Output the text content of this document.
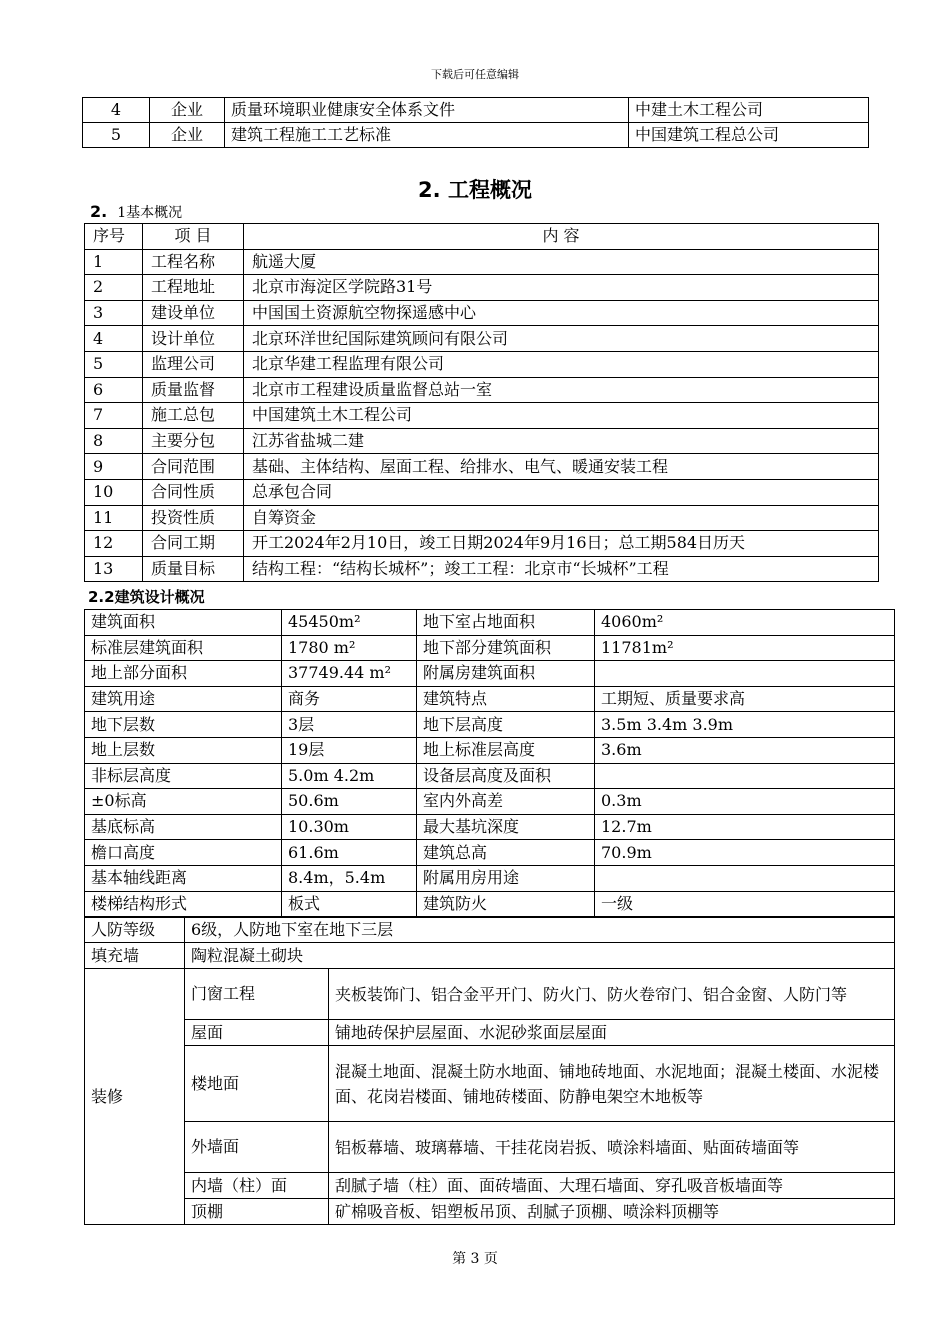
下载后可任意编辑
4	企业	质量环境职业健康安全体系文件	中建土木工程公司
5	企业	建筑工程施工工艺标准	中国建筑工程总公司
2. 工程概况
2. 1基本概况
序号	项 目	内 容
1	工程名称	航遥大厦
2	工程地址	北京市海淀区学院路31号
3	建设单位	中国国土资源航空物探遥感中心
4	设计单位	北京环洋世纪国际建筑顾问有限公司
5	监理公司	北京华建工程监理有限公司
6	质量监督	北京市工程建设质量监督总站一室
7	施工总包	中国建筑土木工程公司
8	主要分包	江苏省盐城二建
9	合同范围	基础、主体结构、屋面工程、给排水、电气、暖通安装工程
10	合同性质	总承包合同
11	投资性质	自筹资金
12	合同工期	开工2024年2月10日，竣工日期2024年9月16日；总工期584日历天
13	质量目标	结构工程：“结构长城杯”；竣工工程：北京市“长城杯”工程
2.2建筑设计概况
建筑面积	45450m²	地下室占地面积	4060m²
标准层建筑面积	1780 m²	地下部分建筑面积	11781m²
地上部分面积	37749.44 m²	附属房建筑面积	
建筑用途	商务	建筑特点	工期短、质量要求高
地下层数	3层	地下层高度	3.5m 3.4m 3.9m
地上层数	19层	地上标准层高度	3.6m
非标层高度	5.0m 4.2m	设备层高度及面积	
±0标高	50.6m	室内外高差	0.3m
基底标高	10.30m	最大基坑深度	12.7m
檐口高度	61.6m	建筑总高	70.9m
基本轴线距离	8.4m，5.4m	附属用房用途	
楼梯结构形式	板式	建筑防火	一级
人防等级	6级，人防地下室在地下三层	
填充墙	陶粒混凝土砌块	
装修	门窗工程	夹板装饰门、铝合金平开门、防火门、防火卷帘门、铝合金窗、人防门等
	屋面	铺地砖保护层屋面、水泥砂浆面层屋面
	楼地面	混凝土地面、混凝土防水地面、铺地砖地面、水泥地面；混凝土楼面、水泥楼面、花岗岩楼面、铺地砖楼面、防静电架空木地板等
	外墙面	铝板幕墙、玻璃幕墙、干挂花岗岩扳、喷涂料墙面、贴面砖墙面等
	内墙（柱）面	刮腻子墙（柱）面、面砖墙面、大理石墙面、穿孔吸音板墙面等
	顶棚	矿棉吸音板、铝塑板吊顶、刮腻子顶棚、喷涂料顶棚等
第 3 页
